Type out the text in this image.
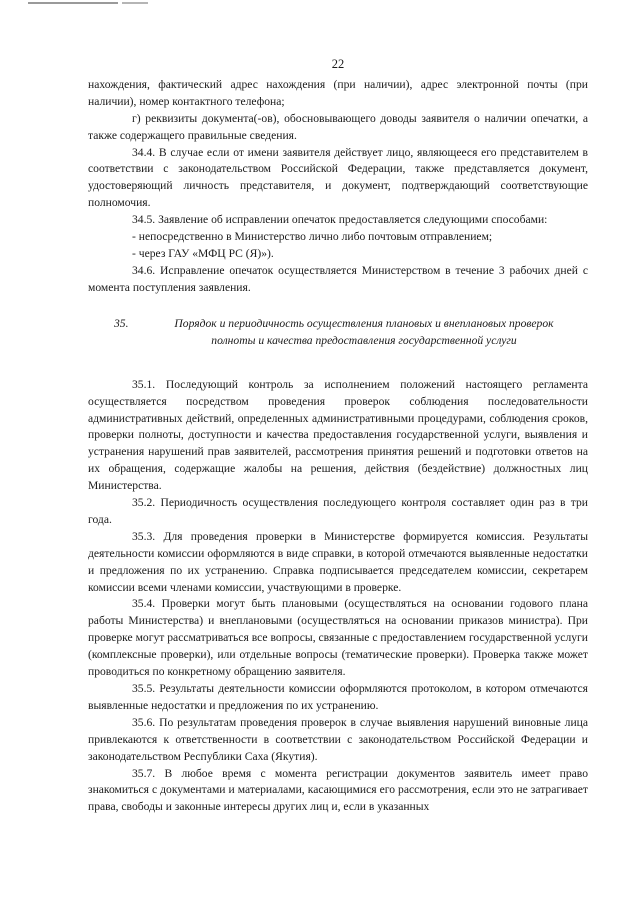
22

нахождения, фактический адрес нахождения (при наличии), адрес электронной почты (при наличии), номер контактного телефона;

г) реквизиты документа(-ов), обосновывающего доводы заявителя о наличии опечатки, а также содержащего правильные сведения.

34.4. В случае если от имени заявителя действует лицо, являющееся его представителем в соответствии с законодательством Российской Федерации, также представляется документ, удостоверяющий личность представителя, и документ, подтверждающий соответствующие полномочия.

34.5. Заявление об исправлении опечаток предоставляется следующими способами:

- непосредственно в Министерство лично либо почтовым отправлением;

- через ГАУ «МФЦ РС (Я)»).

34.6. Исправление опечаток осуществляется Министерством в течение 3 рабочих дней с момента поступления заявления.

35.	Порядок и периодичность осуществления плановых и внеплановых проверок
полноты и качества предоставления государственной услуги

35.1. Последующий контроль за исполнением положений настоящего регламента осуществляется посредством проведения проверок соблюдения последовательности административных действий, определенных административными процедурами, соблюдения сроков, проверки полноты, доступности и качества предоставления государственной услуги, выявления и устранения нарушений прав заявителей, рассмотрения принятия решений и подготовки ответов на их обращения, содержащие жалобы на решения, действия (бездействие) должностных лиц Министерства.

35.2. Периодичность осуществления последующего контроля составляет один раз в три года.

35.3. Для проведения проверки в Министерстве формируется комиссия. Результаты деятельности комиссии оформляются в виде справки, в которой отмечаются выявленные недостатки и предложения по их устранению. Справка подписывается председателем комиссии, секретарем комиссии всеми членами комиссии, участвующими в проверке.

35.4. Проверки могут быть плановыми (осуществляться на основании годового плана работы Министерства) и внеплановыми (осуществляться на основании приказов министра). При проверке могут рассматриваться все вопросы, связанные с предоставлением государственной услуги (комплексные проверки), или отдельные вопросы (тематические проверки). Проверка также может проводиться по конкретному обращению заявителя.

35.5. Результаты деятельности комиссии оформляются протоколом, в котором отмечаются выявленные недостатки и предложения по их устранению.

35.6. По результатам проведения проверок в случае выявления нарушений виновные лица привлекаются к ответственности в соответствии с законодательством Российской Федерации и законодательством Республики Саха (Якутия).

35.7. В любое время с момента регистрации документов заявитель имеет право знакомиться с документами и материалами, касающимися его рассмотрения, если это не затрагивает права, свободы и законные интересы других лиц и, если в указанных
